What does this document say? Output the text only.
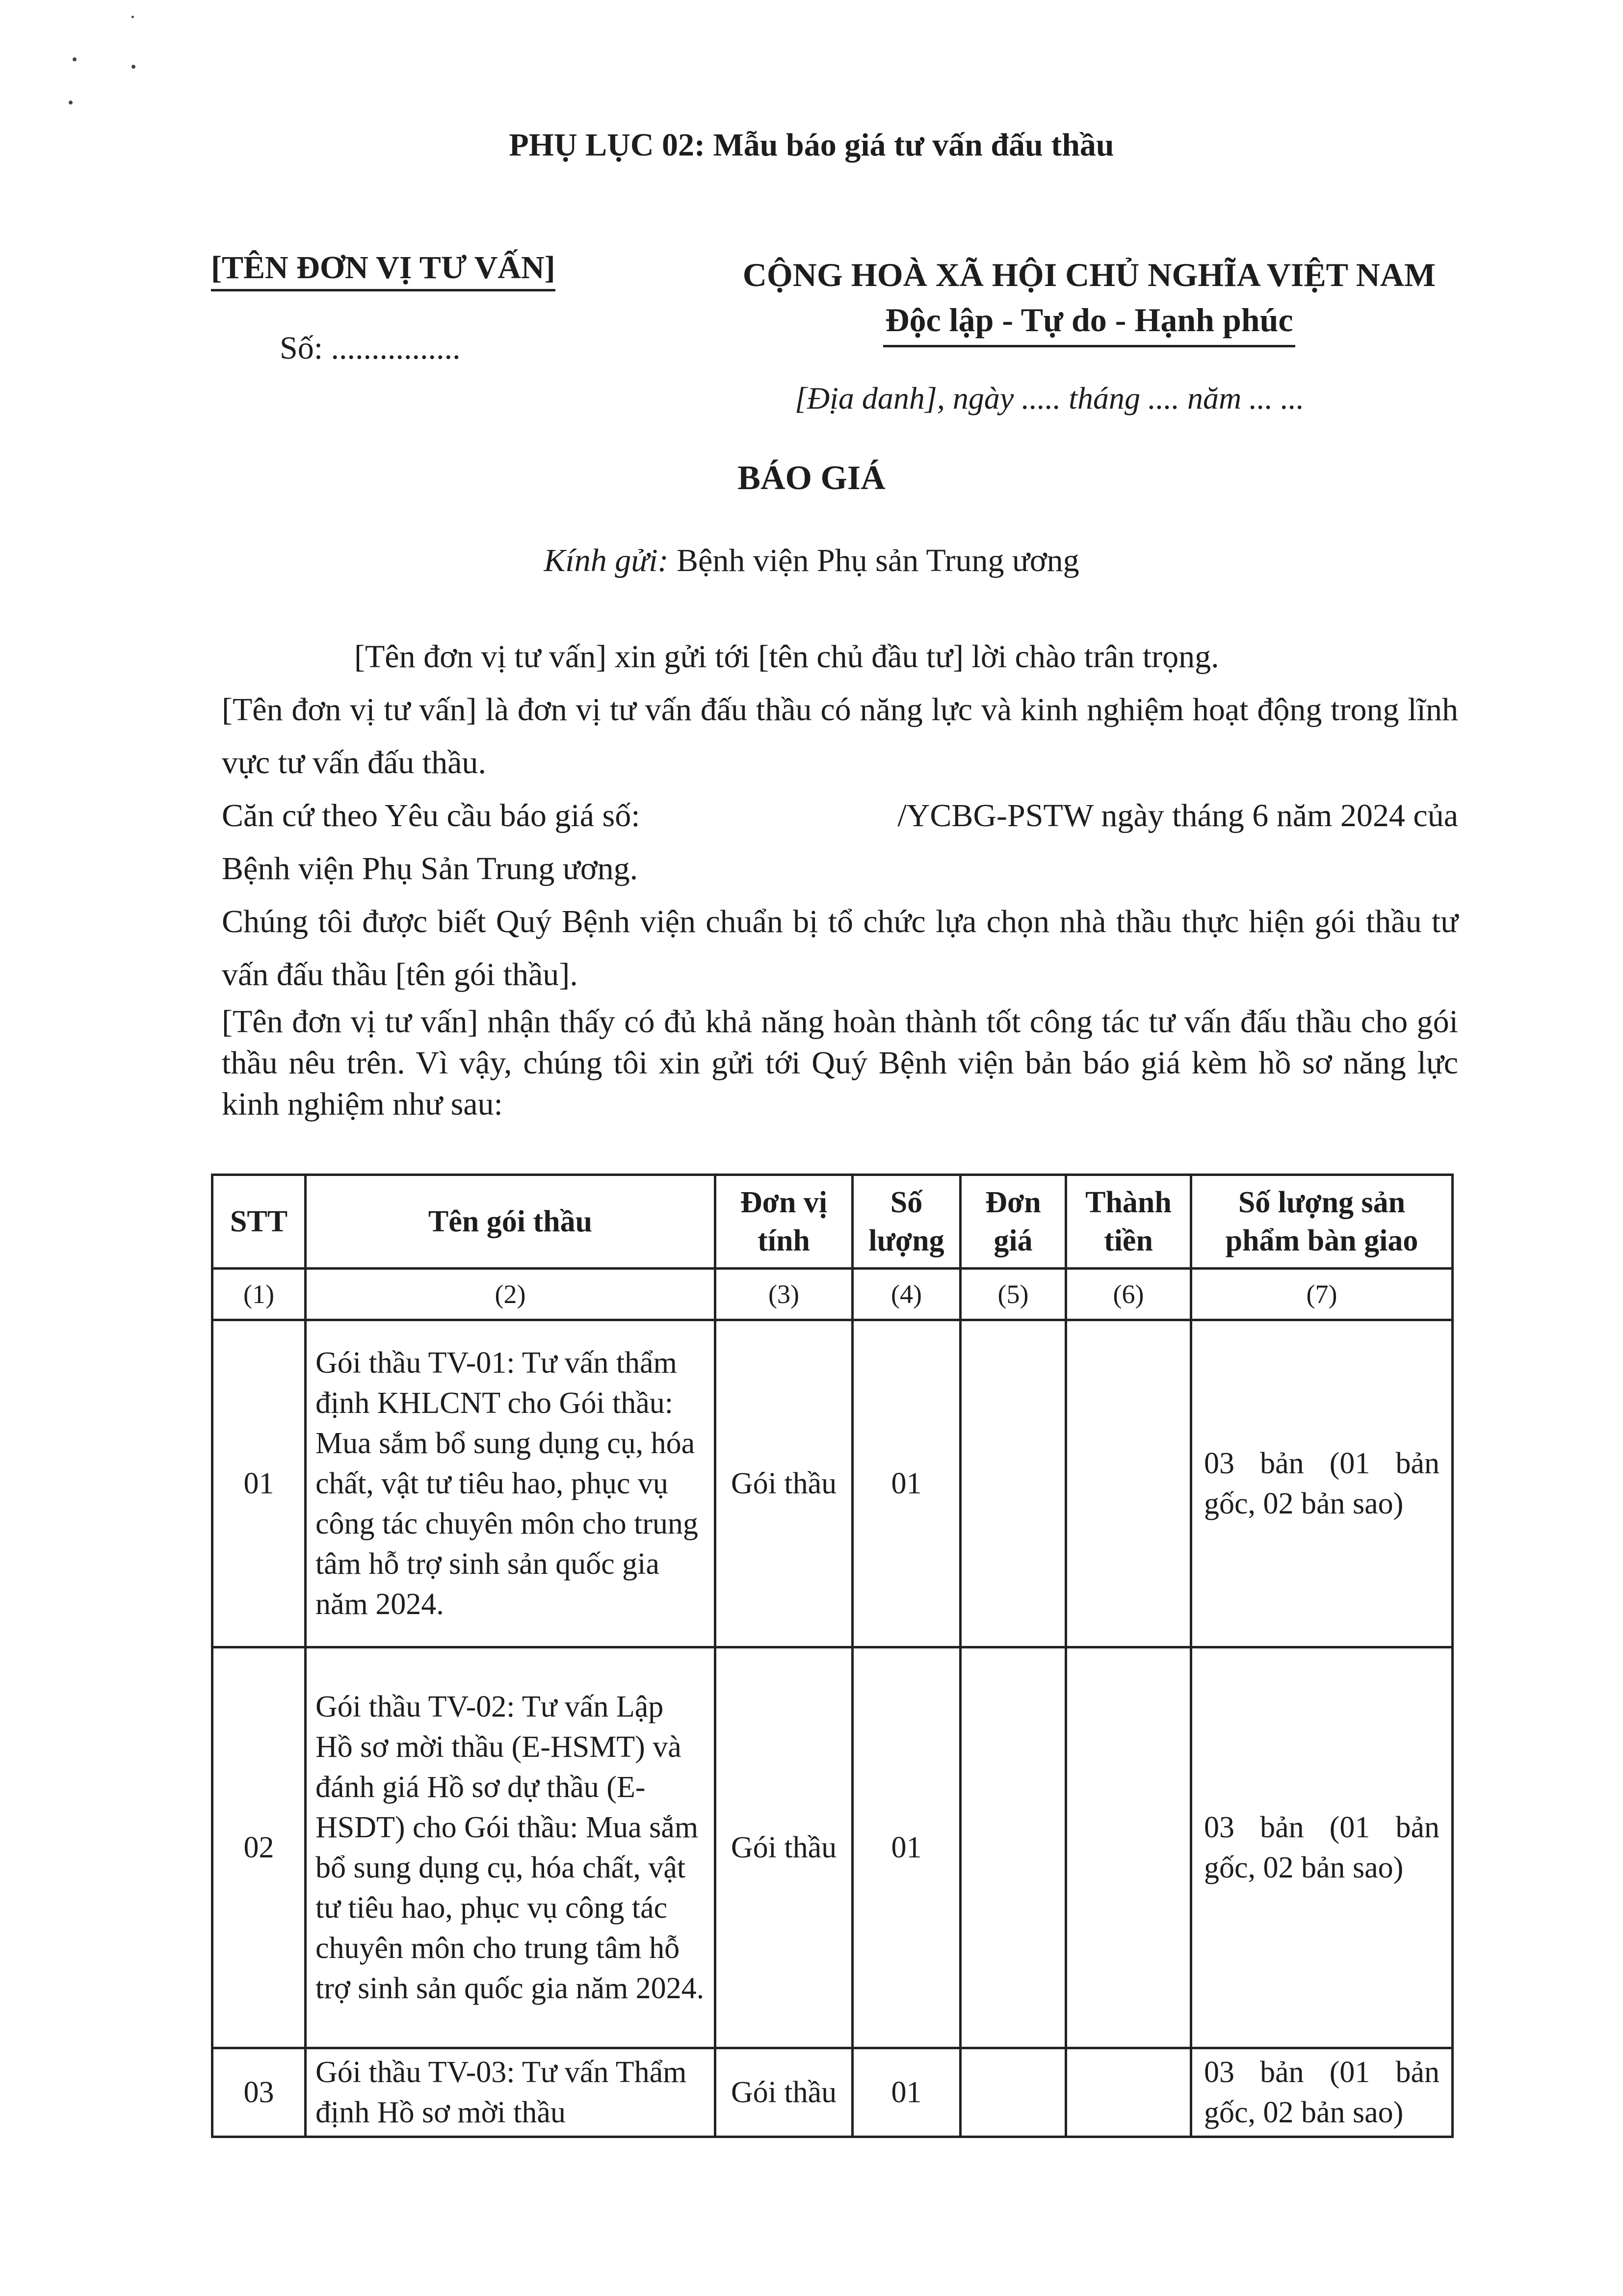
PHỤ LỤC 02: Mẫu báo giá tư vấn đấu thầu
[TÊN ĐƠN VỊ TƯ VẤN]
Số: ................
CỘNG HOÀ XÃ HỘI CHỦ NGHĨA VIỆT NAM
Độc lập - Tự do - Hạnh phúc
[Địa danh], ngày ..... tháng .... năm ... ...
BÁO GIÁ
Kính gửi: Bệnh viện Phụ sản Trung ương

[Tên đơn vị tư vấn] xin gửi tới [tên chủ đầu tư] lời chào trân trọng.

[Tên đơn vị tư vấn] là đơn vị tư vấn đấu thầu có năng lực và kinh nghiệm hoạt động trong lĩnh vực tư vấn đấu thầu.

Căn cứ theo Yêu cầu báo giá số:	/YCBG-PSTW ngày tháng 6 năm 2024 của

Bệnh viện Phụ Sản Trung ương.

Chúng tôi được biết Quý Bệnh viện chuẩn bị tổ chức lựa chọn nhà thầu thực hiện gói thầu tư vấn đấu thầu [tên gói thầu].

[Tên đơn vị tư vấn] nhận thấy có đủ khả năng hoàn thành tốt công tác tư vấn đấu thầu cho gói thầu nêu trên. Vì vậy, chúng tôi xin gửi tới Quý Bệnh viện bản báo giá kèm hồ sơ năng lực kinh nghiệm như sau:

STT	Tên gói thầu	Đơn vị tính	Số lượng	Đơn giá	Thành tiền	Số lượng sản phẩm bàn giao
(1)	(2)	(3)	(4)	(5)	(6)	(7)
01	Gói thầu TV-01: Tư vấn thẩm định KHLCNT cho Gói thầu: Mua sắm bổ sung dụng cụ, hóa chất, vật tư tiêu hao, phục vụ công tác chuyên môn cho trung tâm hỗ trợ sinh sản quốc gia năm 2024.	Gói thầu	01			03 bản (01 bản gốc, 02 bản sao)
02	Gói thầu TV-02: Tư vấn Lập Hồ sơ mời thầu (E-HSMT) và đánh giá Hồ sơ dự thầu (E-HSDT) cho Gói thầu: Mua sắm bổ sung dụng cụ, hóa chất, vật tư tiêu hao, phục vụ công tác chuyên môn cho trung tâm hỗ trợ sinh sản quốc gia năm 2024.	Gói thầu	01			03 bản (01 bản gốc, 02 bản sao)
03	Gói thầu TV-03: Tư vấn Thẩm định Hồ sơ mời thầu	Gói thầu	01			03 bản (01 bản gốc, 02 bản sao)
